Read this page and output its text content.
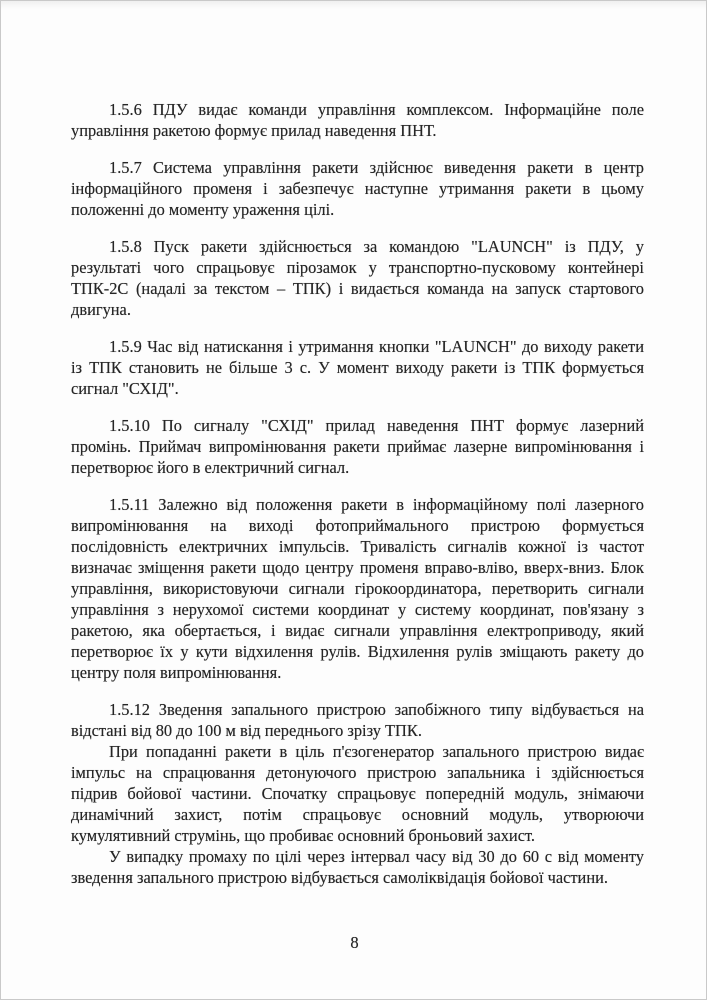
1.5.6 ПДУ видає команди управління комплексом. Інформаційне поле управління ракетою формує прилад наведення ПНТ.

1.5.7 Система управління ракети здійснює виведення ракети в центр інформаційного променя і забезпечує наступне утримання ракети в цьому положенні до моменту ураження цілі.

1.5.8 Пуск ракети здійснюється за командою "LAUNCH" із ПДУ, у результаті чого спрацьовує пірозамок у транспортно-пусковому контейнері ТПК-2С (надалі за текстом – ТПК) і видається команда на запуск стартового двигуна.

1.5.9 Час від натискання і утримання кнопки "LAUNCH" до виходу ракети із ТПК становить не більше 3 с. У момент виходу ракети із ТПК формується сигнал "СХІД".

1.5.10 По сигналу "СХІД" прилад наведення ПНТ формує лазерний промінь. Приймач випромінювання ракети приймає лазерне випромінювання і перетворює його в електричний сигнал.

1.5.11 Залежно від положення ракети в інформаційному полі лазерного випромінювання на виході фотоприймального пристрою формується послідовність електричних імпульсів. Тривалість сигналів кожної із частот визначає зміщення ракети щодо центру променя вправо-вліво, вверх-вниз. Блок управління, використовуючи сигнали гірокоординатора, перетворить сигнали управління з нерухомої системи координат у систему координат, пов'язану з ракетою, яка обертається, і видає сигнали управління електроприводу, який перетворює їх у кути відхилення рулів. Відхилення рулів зміщають ракету до центру поля випромінювання.

1.5.12 Зведення запального пристрою запобіжного типу відбувається на відстані від 80 до 100 м від переднього зрізу ТПК.

При попаданні ракети в ціль п'єзогенератор запального пристрою видає імпульс на спрацювання детонуючого пристрою запальника і здійснюється підрив бойової частини. Спочатку спрацьовує попередній модуль, знімаючи динамічний захист, потім спрацьовує основний модуль, утворюючи кумулятивний струмінь, що пробиває основний броньовий захист.

У випадку промаху по цілі через інтервал часу від 30 до 60 с від моменту зведення запального пристрою відбувається самоліквідація бойової частини.

8
